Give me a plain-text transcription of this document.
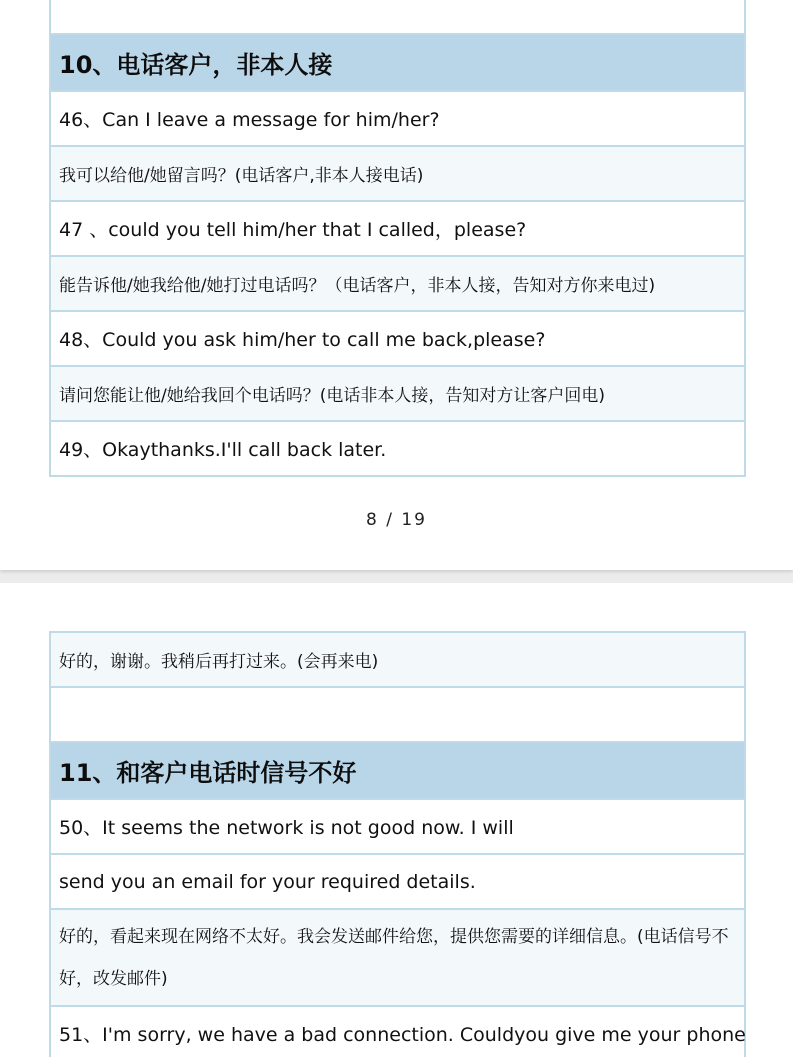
10、电话客户，非本人接
46、Can I leave a message for him/her?
我可以给他/她留言吗？(电话客户,非本人接电话)
47 、could you tell him/her that I called，please?
能告诉他/她我给他/她打过电话吗？（电话客户，非本人接，告知对方你来电过)
48、Could you ask him/her to call me back,please?
请问您能让他/她给我回个电话吗？(电话非本人接，告知对方让客户回电)
49、Okaythanks.I'll call back later.
8 / 19
好的，谢谢。我稍后再打过来。(会再来电)
11、和客户电话时信号不好
50、It seems the network is not good now. I will
send you an email for your required details.
好的，看起来现在网络不太好。我会发送邮件给您，提供您需要的详细信息。(电话信号不好，改发邮件)
51、I'm sorry, we have a bad connection. Couldyou give me your phone
